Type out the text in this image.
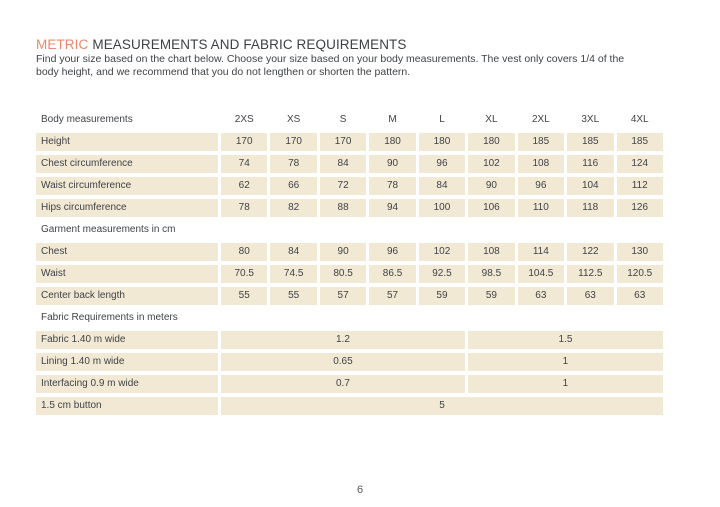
METRIC MEASUREMENTS AND FABRIC REQUIREMENTS
Find your size based on the chart below. Choose your size based on your body measurements. The vest only covers 1/4 of the
body height, and we recommend that you do not lengthen or shorten the pattern.
Body measurements	2XS	XS	S	M	L	XL	2XL	3XL	4XL
Height	170	170	170	180	180	180	185	185	185
Chest circumference	74	78	84	90	96	102	108	116	124
Waist circumference	62	66	72	78	84	90	96	104	112
Hips circumference	78	82	88	94	100	106	110	118	126
Garment measurements in cm
Chest	80	84	90	96	102	108	114	122	130
Waist	70.5	74.5	80.5	86.5	92.5	98.5	104.5	112.5	120.5
Center back length	55	55	57	57	59	59	63	63	63
Fabric Requirements in meters
Fabric 1.40 m wide	1.2	1.5
Lining 1.40 m wide	0.65	1
Interfacing 0.9 m wide	0.7	1
1.5 cm button	5
6
